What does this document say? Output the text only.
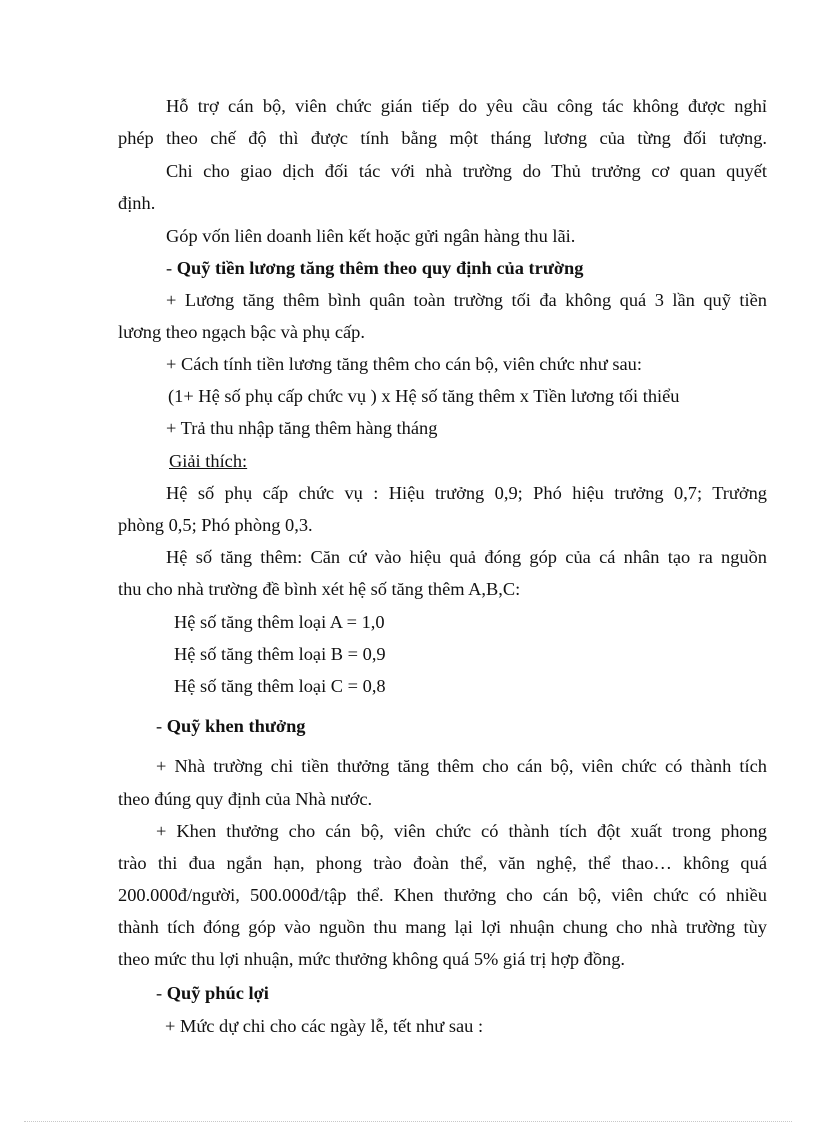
Hỗ trợ cán bộ, viên chức gián tiếp do yêu cầu công tác không được nghỉ
phép theo chế độ thì được tính bằng một tháng lương của từng đối tượng.
Chi cho giao dịch đối tác với nhà trường do Thủ trưởng cơ quan quyết
định.
Góp vốn liên doanh liên kết hoặc gửi ngân hàng thu lãi.
- Quỹ tiền lương tăng thêm theo quy định của trường
+ Lương tăng thêm bình quân toàn trường tối đa không quá 3 lần quỹ tiền
lương theo ngạch bậc và phụ cấp.
+ Cách tính tiền lương tăng thêm cho cán bộ, viên chức như sau:
(1+ Hệ số phụ cấp chức vụ ) x Hệ số tăng thêm x Tiền lương tối thiểu
+ Trả thu nhập tăng thêm hàng tháng
Giải thích:
Hệ số phụ cấp chức vụ : Hiệu trưởng 0,9; Phó hiệu trưởng 0,7; Trưởng
phòng 0,5; Phó phòng 0,3.
Hệ số tăng thêm: Căn cứ vào hiệu quả đóng góp của cá nhân tạo ra nguồn
thu cho nhà trường đề bình xét hệ số tăng thêm A,B,C:
Hệ số tăng thêm loại A = 1,0
Hệ số tăng thêm loại B = 0,9
Hệ số tăng thêm loại C = 0,8
- Quỹ khen thưởng
+ Nhà trường chi tiền thưởng tăng thêm cho cán bộ, viên chức có thành tích
theo đúng quy định của Nhà nước.
+ Khen thưởng cho cán bộ, viên chức có thành tích đột xuất trong phong
trào thi đua ngắn hạn, phong trào đoàn thể, văn nghệ, thể thao… không quá
200.000đ/người, 500.000đ/tập thể. Khen thưởng cho cán bộ, viên chức có nhiều
thành tích đóng góp vào nguồn thu mang lại lợi nhuận chung cho nhà trường tùy
theo mức thu lợi nhuận, mức thưởng không quá 5% giá trị hợp đồng.
- Quỹ phúc lợi
+ Mức dự chi cho các ngày lễ, tết như sau :
